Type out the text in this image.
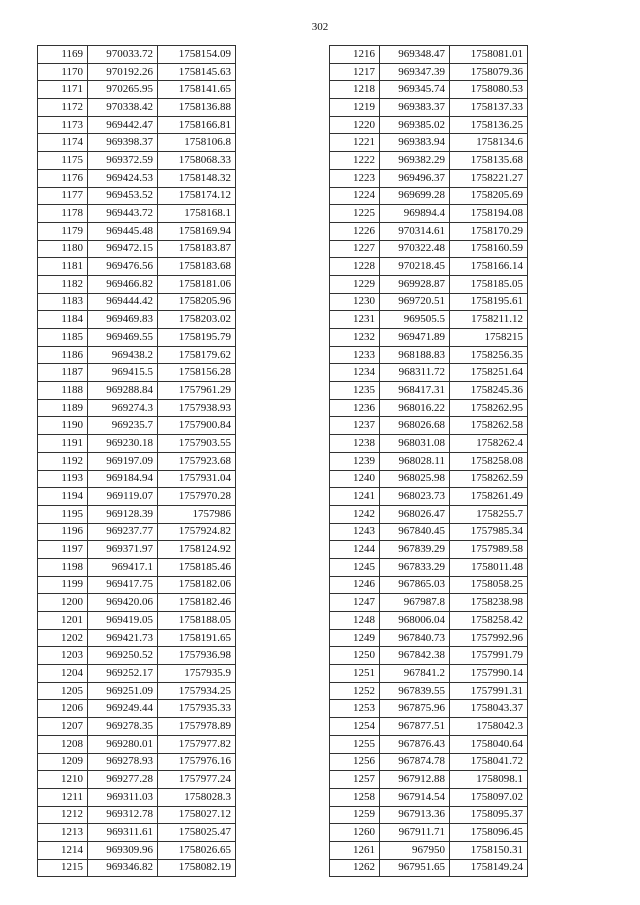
302
1169	970033.72	1758154.09
1170	970192.26	1758145.63
1171	970265.95	1758141.65
1172	970338.42	1758136.88
1173	969442.47	1758166.81
1174	969398.37	1758106.8
1175	969372.59	1758068.33
1176	969424.53	1758148.32
1177	969453.52	1758174.12
1178	969443.72	1758168.1
1179	969445.48	1758169.94
1180	969472.15	1758183.87
1181	969476.56	1758183.68
1182	969466.82	1758181.06
1183	969444.42	1758205.96
1184	969469.83	1758203.02
1185	969469.55	1758195.79
1186	969438.2	1758179.62
1187	969415.5	1758156.28
1188	969288.84	1757961.29
1189	969274.3	1757938.93
1190	969235.7	1757900.84
1191	969230.18	1757903.55
1192	969197.09	1757923.68
1193	969184.94	1757931.04
1194	969119.07	1757970.28
1195	969128.39	1757986
1196	969237.77	1757924.82
1197	969371.97	1758124.92
1198	969417.1	1758185.46
1199	969417.75	1758182.06
1200	969420.06	1758182.46
1201	969419.05	1758188.05
1202	969421.73	1758191.65
1203	969250.52	1757936.98
1204	969252.17	1757935.9
1205	969251.09	1757934.25
1206	969249.44	1757935.33
1207	969278.35	1757978.89
1208	969280.01	1757977.82
1209	969278.93	1757976.16
1210	969277.28	1757977.24
1211	969311.03	1758028.3
1212	969312.78	1758027.12
1213	969311.61	1758025.47
1214	969309.96	1758026.65
1215	969346.82	1758082.19
1216	969348.47	1758081.01
1217	969347.39	1758079.36
1218	969345.74	1758080.53
1219	969383.37	1758137.33
1220	969385.02	1758136.25
1221	969383.94	1758134.6
1222	969382.29	1758135.68
1223	969496.37	1758221.27
1224	969699.28	1758205.69
1225	969894.4	1758194.08
1226	970314.61	1758170.29
1227	970322.48	1758160.59
1228	970218.45	1758166.14
1229	969928.87	1758185.05
1230	969720.51	1758195.61
1231	969505.5	1758211.12
1232	969471.89	1758215
1233	968188.83	1758256.35
1234	968311.72	1758251.64
1235	968417.31	1758245.36
1236	968016.22	1758262.95
1237	968026.68	1758262.58
1238	968031.08	1758262.4
1239	968028.11	1758258.08
1240	968025.98	1758262.59
1241	968023.73	1758261.49
1242	968026.47	1758255.7
1243	967840.45	1757985.34
1244	967839.29	1757989.58
1245	967833.29	1758011.48
1246	967865.03	1758058.25
1247	967987.8	1758238.98
1248	968006.04	1758258.42
1249	967840.73	1757992.96
1250	967842.38	1757991.79
1251	967841.2	1757990.14
1252	967839.55	1757991.31
1253	967875.96	1758043.37
1254	967877.51	1758042.3
1255	967876.43	1758040.64
1256	967874.78	1758041.72
1257	967912.88	1758098.1
1258	967914.54	1758097.02
1259	967913.36	1758095.37
1260	967911.71	1758096.45
1261	967950	1758150.31
1262	967951.65	1758149.24
